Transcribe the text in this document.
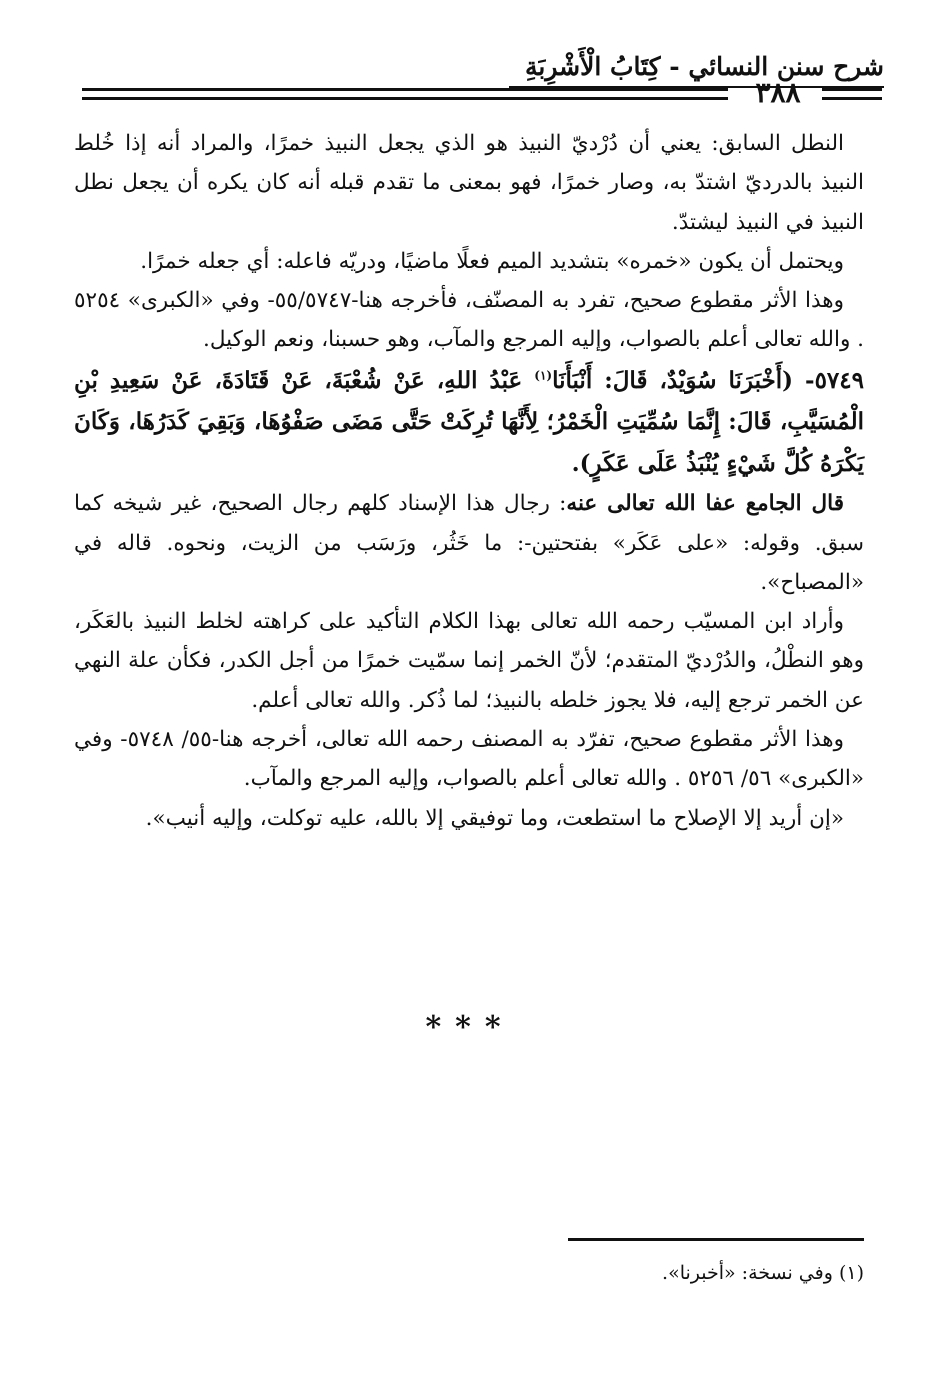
شرح سنن النسائي - كِتَابُ الْأَشْرِبَةِ
٣٨٨

النطل السابق: يعني أن دُرْديّ النبيذ هو الذي يجعل النبيذ خمرًا، والمراد أنه إذا خُلط النبيذ بالدرديّ اشتدّ به، وصار خمرًا، فهو بمعنى ما تقدم قبله أنه كان يكره أن يجعل نطل النبيذ في النبيذ ليشتدّ.

ويحتمل أن يكون «خمره» بتشديد الميم فعلًا ماضيًا، ودريّه فاعله: أي جعله خمرًا.

وهذا الأثر مقطوع صحيح، تفرد به المصنّف، فأخرجه هنا-٥٥/٥٧٤٧- وفي «الكبرى» ٥٢٥٤ . والله تعالى أعلم بالصواب، وإليه المرجع والمآب، وهو حسبنا، ونعم الوكيل.

٥٧٤٩- (أَخْبَرَنَا سُوَيْدٌ، قَالَ: أَنْبَأَنَا$^{(١)}$ عَبْدُ اللهِ، عَنْ شُعْبَةَ، عَنْ قَتَادَةَ، عَنْ سَعِيدِ بْنِ الْمُسَيَّبِ، قَالَ: إِنَّمَا سُمِّيَتِ الْخَمْرُ؛ لِأَنَّهَا تُرِكَتْ حَتَّى مَضَى صَفْوُهَا، وَبَقِيَ كَدَرُهَا، وَكَانَ يَكْرَهُ كُلَّ شَيْءٍ يُنْبَذُ عَلَى عَكَرٍ).

قال الجامع عفا الله تعالى عنه: رجال هذا الإسناد كلهم رجال الصحيح، غير شيخه كما سبق. وقوله: «على عَكَر» بفتحتين-: ما خَثُر، ورَسَب من الزيت، ونحوه. قاله في «المصباح».

وأراد ابن المسيّب رحمه الله تعالى بهذا الكلام التأكيد على كراهته لخلط النبيذ بالعَكَر، وهو النطْلُ، والدُرْديّ المتقدم؛ لأنّ الخمر إنما سمّيت خمرًا من أجل الكدر، فكأن علة النهي عن الخمر ترجع إليه، فلا يجوز خلطه بالنبيذ؛ لما ذُكر. والله تعالى أعلم.

وهذا الأثر مقطوع صحيح، تفرّد به المصنف رحمه الله تعالى، أخرجه هنا-٥٥/ ٥٧٤٨- وفي «الكبرى» ٥٦/ ٥٢٥٦ . والله تعالى أعلم بالصواب، وإليه المرجع والمآب.

«إن أريد إلا الإصلاح ما استطعت، وما توفيقي إلا بالله، عليه توكلت، وإليه أنيب».

***
(١) وفي نسخة: «أخبرنا».
